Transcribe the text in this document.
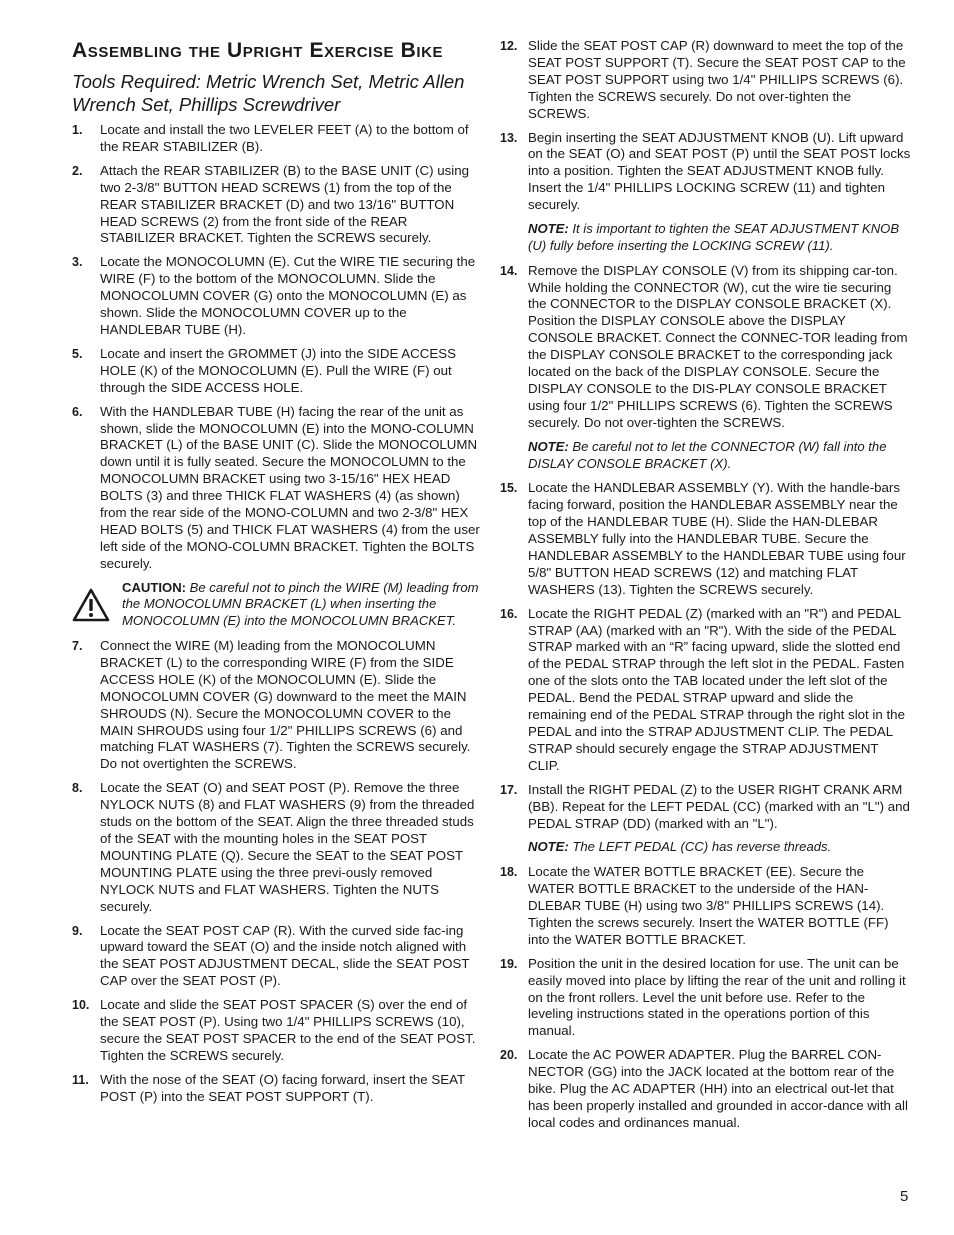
Assembling the Upright Exercise Bike
Tools Required: Metric Wrench Set, Metric Allen Wrench Set, Phillips Screwdriver
1. Locate and install the two LEVELER FEET (A) to the bottom of the REAR STABILIZER (B).
2. Attach the REAR STABILIZER (B) to the BASE UNIT (C) using two 2-3/8" BUTTON HEAD SCREWS (1) from the top of the REAR STABILIZER BRACKET (D) and two 13/16" BUTTON HEAD SCREWS (2) from the front side of the REAR STABILIZER BRACKET. Tighten the SCREWS securely.
3. Locate the MONOCOLUMN (E). Cut the WIRE TIE securing the WIRE (F) to the bottom of the MONOCOLUMN. Slide the MONOCOLUMN COVER (G) onto the MONOCOLUMN (E) as shown. Slide the MONOCOLUMN COVER up to the HANDLEBAR TUBE (H).
5. Locate and insert the GROMMET (J) into the SIDE ACCESS HOLE (K) of the MONOCOLUMN (E). Pull the WIRE (F) out through the SIDE ACCESS HOLE.
6. With the HANDLEBAR TUBE (H) facing the rear of the unit as shown, slide the MONOCOLUMN (E) into the MONO-COLUMN BRACKET (L) of the BASE UNIT (C). Slide the MONOCOLUMN down until it is fully seated. Secure the MONOCOLUMN to the MONOCOLUMN BRACKET using two 3-15/16" HEX HEAD BOLTS (3) and three THICK FLAT WASHERS (4) (as shown) from the rear side of the MONO-COLUMN and two 2-3/8" HEX HEAD BOLTS (5) and THICK FLAT WASHERS (4) from the user left side of the MONO-COLUMN BRACKET. Tighten the BOLTS securely.
CAUTION: Be careful not to pinch the WIRE (M) leading from the MONOCOLUMN BRACKET (L) when inserting the MONOCOLUMN (E) into the MONOCOLUMN BRACKET.
7. Connect the WIRE (M) leading from the MONOCOLUMN BRACKET (L) to the corresponding WIRE (F) from the SIDE ACCESS HOLE (K) of the MONOCOLUMN (E). Slide the MONOCOLUMN COVER (G) downward to the meet the MAIN SHROUDS (N). Secure the MONOCOLUMN COVER to the MAIN SHROUDS using four 1/2" PHILLIPS SCREWS (6) and matching FLAT WASHERS (7). Tighten the SCREWS securely. Do not overtighten the SCREWS.
8. Locate the SEAT (O) and SEAT POST (P). Remove the three NYLOCK NUTS (8) and FLAT WASHERS (9) from the threaded studs on the bottom of the SEAT. Align the three threaded studs of the SEAT with the mounting holes in the SEAT POST MOUNTING PLATE (Q). Secure the SEAT to the SEAT POST MOUNTING PLATE using the three previ-ously removed NYLOCK NUTS and FLAT WASHERS. Tighten the NUTS securely.
9. Locate the SEAT POST CAP (R). With the curved side fac-ing upward toward the SEAT (O) and the inside notch aligned with the SEAT POST ADJUSTMENT DECAL, slide the SEAT POST CAP over the SEAT POST (P).
10. Locate and slide the SEAT POST SPACER (S) over the end of the SEAT POST (P). Using two 1/4" PHILLIPS SCREWS (10), secure the SEAT POST SPACER to the end of the SEAT POST. Tighten the SCREWS securely.
11. With the nose of the SEAT (O) facing forward, insert the SEAT POST (P) into the SEAT POST SUPPORT (T).
12. Slide the SEAT POST CAP (R) downward to meet the top of the SEAT POST SUPPORT (T). Secure the SEAT POST CAP to the SEAT POST SUPPORT using two 1/4" PHILLIPS SCREWS (6). Tighten the SCREWS securely. Do not over-tighten the SCREWS.
13. Begin inserting the SEAT ADJUSTMENT KNOB (U). Lift upward on the SEAT (O) and SEAT POST (P) until the SEAT POST locks into a position. Tighten the SEAT ADJUSTMENT KNOB fully. Insert the 1/4" PHILLIPS LOCKING SCREW (11) and tighten securely.
NOTE: It is important to tighten the SEAT ADJUSTMENT KNOB (U) fully before inserting the LOCKING SCREW (11).
14. Remove the DISPLAY CONSOLE (V) from its shipping car-ton. While holding the CONNECTOR (W), cut the wire tie securing the CONNECTOR to the DISPLAY CONSOLE BRACKET (X). Position the DISPLAY CONSOLE above the DISPLAY CONSOLE BRACKET. Connect the CONNEC-TOR leading from the DISPLAY CONSOLE BRACKET to the corresponding jack located on the back of the DISPLAY CONSOLE. Secure the DISPLAY CONSOLE to the DIS-PLAY CONSOLE BRACKET using four 1/2" PHILLIPS SCREWS (6). Tighten the SCREWS securely. Do not over-tighten the SCREWS.
NOTE: Be careful not to let the CONNECTOR (W) fall into the DISLAY CONSOLE BRACKET (X).
15. Locate the HANDLEBAR ASSEMBLY (Y). With the handle-bars facing forward, position the HANDLEBAR ASSEMBLY near the top of the HANDLEBAR TUBE (H). Slide the HAN-DLEBAR ASSEMBLY fully into the HANDLEBAR TUBE. Secure the HANDLEBAR ASSEMBLY to the HANDLEBAR TUBE using four 5/8" BUTTON HEAD SCREWS (12) and matching FLAT WASHERS (13). Tighten the SCREWS securely.
16. Locate the RIGHT PEDAL (Z) (marked with an "R") and PEDAL STRAP (AA) (marked with an "R"). With the side of the PEDAL STRAP marked with an “R” facing upward, slide the slotted end of the PEDAL STRAP through the left slot in the PEDAL. Fasten one of the slots onto the TAB located under the left slot of the PEDAL. Bend the PEDAL STRAP upward and slide the remaining end of the PEDAL STRAP through the right slot in the PEDAL and into the STRAP ADJUSTMENT CLIP. The PEDAL STRAP should securely engage the STRAP ADJUSTMENT CLIP.
17. Install the RIGHT PEDAL (Z) to the USER RIGHT CRANK ARM (BB). Repeat for the LEFT PEDAL (CC) (marked with an "L") and PEDAL STRAP (DD) (marked with an "L").
NOTE: The LEFT PEDAL (CC) has reverse threads.
18. Locate the WATER BOTTLE BRACKET (EE). Secure the WATER BOTTLE BRACKET to the underside of the HAN-DLEBAR TUBE (H) using two 3/8" PHILLIPS SCREWS (14). Tighten the screws securely. Insert the WATER BOTTLE (FF) into the WATER BOTTLE BRACKET.
19. Position the unit in the desired location for use. The unit can be easily moved into place by lifting the rear of the unit and rolling it on the front rollers. Level the unit before use. Refer to the leveling instructions stated in the operations portion of this manual.
20. Locate the AC POWER ADAPTER. Plug the BARREL CON-NECTOR (GG) into the JACK located at the bottom rear of the bike. Plug the AC ADAPTER (HH) into an electrical out-let that has been properly installed and grounded in accor-dance with all local codes and ordinances manual.
5
